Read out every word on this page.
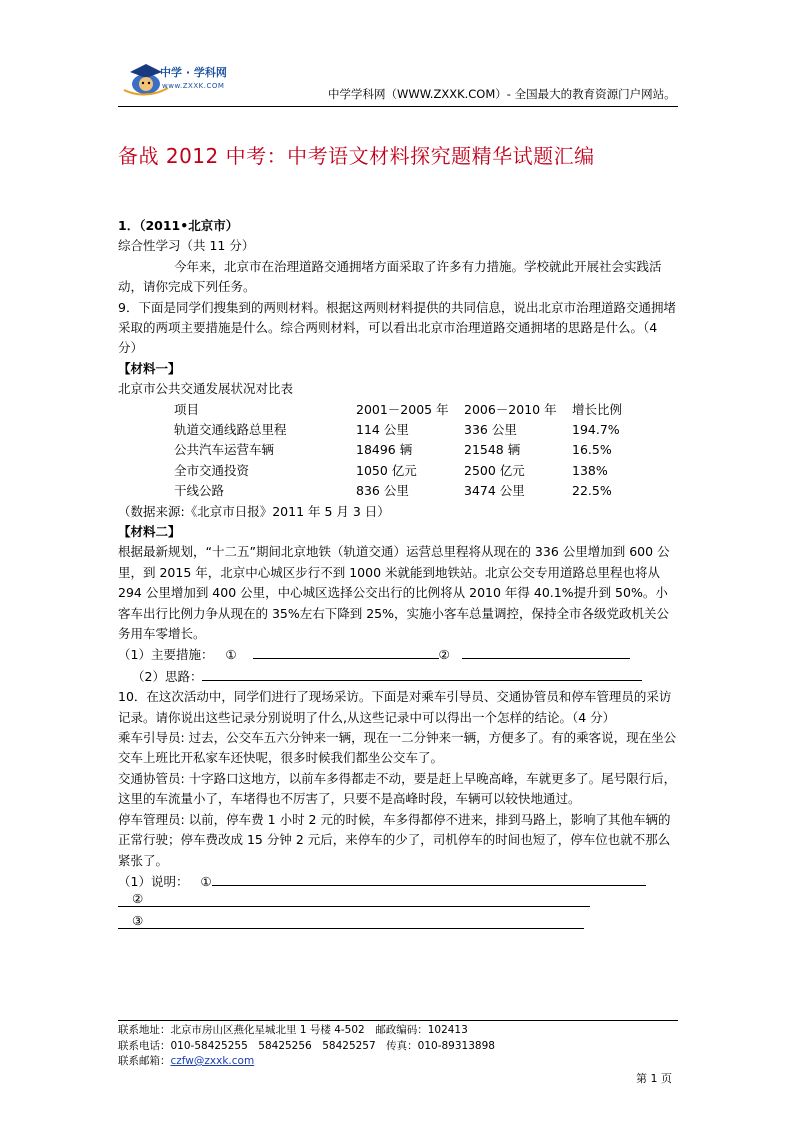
中学 · 学科网
www.ZXXK.COM
中学学科网（WWW.ZXXK.COM）- 全国最大的教育资源门户网站。
备战 2012 中考：中考语文材料探究题精华试题汇编

1．（2011•北京市）

综合性学习（共 11 分）

今年来，北京市在治理道路交通拥堵方面采取了许多有力措施。学校就此开展社会实践活动，请你完成下列任务。

9．下面是同学们搜集到的两则材料。根据这两则材料提供的共同信息，说出北京市治理道路交通拥堵采取的两项主要措施是什么。综合两则材料，可以看出北京市治理道路交通拥堵的思路是什么。（4 分）

【材料一】

北京市公共交通发展状况对比表

项目	2001－2005 年	2006－2010 年	增长比例
轨道交通线路总里程	114 公里	336 公里	194.7%
公共汽车运营车辆	18496 辆	21548 辆	16.5%
全市交通投资	1050 亿元	2500 亿元	138%
干线公路	836 公里	3474 公里	22.5%

（数据来源:《北京市日报》2011 年 5 月 3 日）

【材料二】

根据最新规划，“十二五”期间北京地铁（轨道交通）运营总里程将从现在的 336 公里增加到 600 公里，到 2015 年，北京中心城区步行不到 1000 米就能到地铁站。北京公交专用道路总里程也将从 294 公里增加到 400 公里，中心城区选择公交出行的比例将从 2010 年得 40.1%提升到 50%。小客车出行比例力争从现在的 35%左右下降到 25%，实施小客车总量调控，保持全市各级党政机关公务用车零增长。

（1）主要措施： ①	②

（2）思路：

10．在这次活动中，同学们进行了现场采访。下面是对乘车引导员、交通协管员和停车管理员的采访记录。请你说出这些记录分别说明了什么,从这些记录中可以得出一个怎样的结论。（4 分）

乘车引导员: 过去，公交车五六分钟来一辆，现在一二分钟来一辆，方便多了。有的乘客说，现在坐公交车上班比开私家车还快呢，很多时候我们都坐公交车了。

交通协管员: 十字路口这地方，以前车多得都走不动，要是赶上早晚高峰，车就更多了。尾号限行后，这里的车流量小了，车堵得也不厉害了，只要不是高峰时段，车辆可以较快地通过。

停车管理员: 以前，停车费 1 小时 2 元的时候，车多得都停不进来，排到马路上，影响了其他车辆的正常行驶；停车费改成 15 分钟 2 元后，来停车的少了，司机停车的时间也短了，停车位也就不那么紧张了。

（1）说明： ①

②

③

联系地址：北京市房山区燕化星城北里 1 号楼 4-502　邮政编码：102413
联系电话：010-58425255　58425256　58425257　传真：010-89313898
联系邮箱：czfw@zxxk.com
第 1 页
